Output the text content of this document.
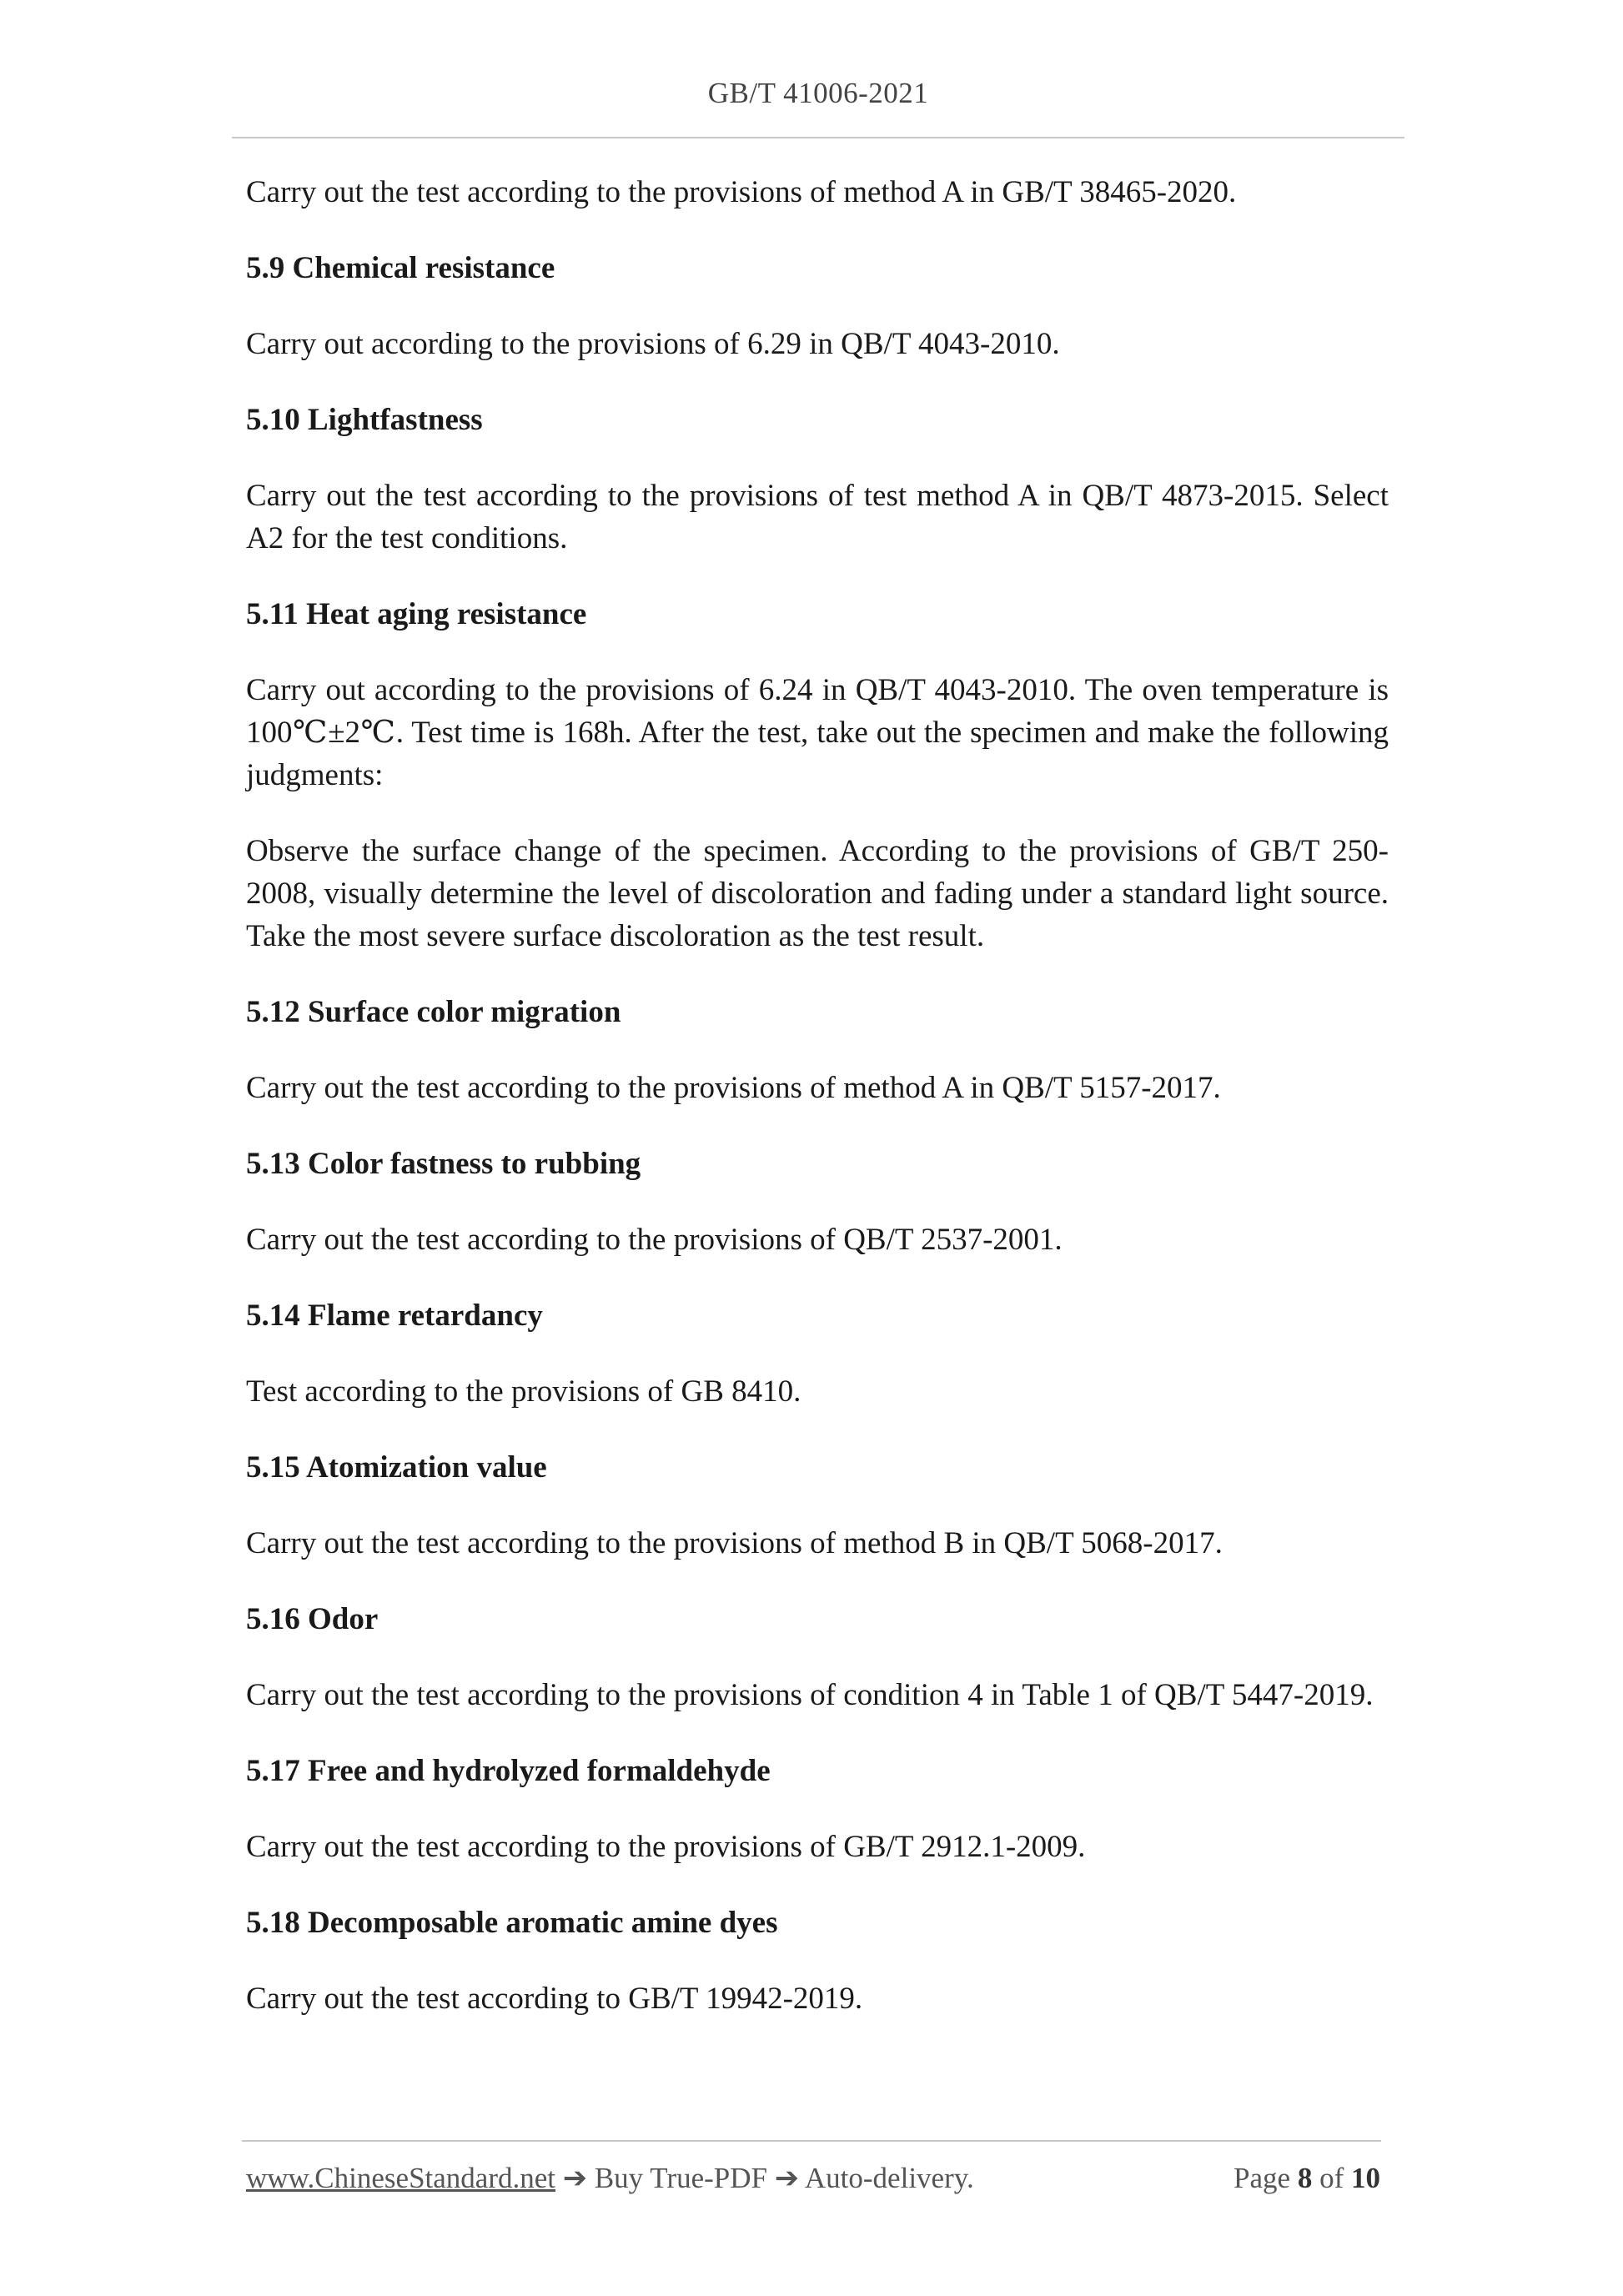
GB/T 41006-2021

Carry out the test according to the provisions of method A in GB/T 38465-2020.

5.9 Chemical resistance

Carry out according to the provisions of 6.29 in QB/T 4043-2010.

5.10 Lightfastness

Carry out the test according to the provisions of test method A in QB/T 4873-2015. Select A2 for the test conditions.

5.11 Heat aging resistance

Carry out according to the provisions of 6.24 in QB/T 4043-2010. The oven temperature is 100℃±2℃. Test time is 168h. After the test, take out the specimen and make the following judgments:

Observe the surface change of the specimen. According to the provisions of GB/T 250-2008, visually determine the level of discoloration and fading under a standard light source. Take the most severe surface discoloration as the test result.

5.12 Surface color migration

Carry out the test according to the provisions of method A in QB/T 5157-2017.

5.13 Color fastness to rubbing

Carry out the test according to the provisions of QB/T 2537-2001.

5.14 Flame retardancy

Test according to the provisions of GB 8410.

5.15 Atomization value

Carry out the test according to the provisions of method B in QB/T 5068-2017.

5.16 Odor

Carry out the test according to the provisions of condition 4 in Table 1 of QB/T 5447-2019.

5.17 Free and hydrolyzed formaldehyde

Carry out the test according to the provisions of GB/T 2912.1-2009.

5.18 Decomposable aromatic amine dyes

Carry out the test according to GB/T 19942-2019.

www.ChineseStandard.net ➔ Buy True-PDF ➔ Auto-delivery.	Page 8 of 10
